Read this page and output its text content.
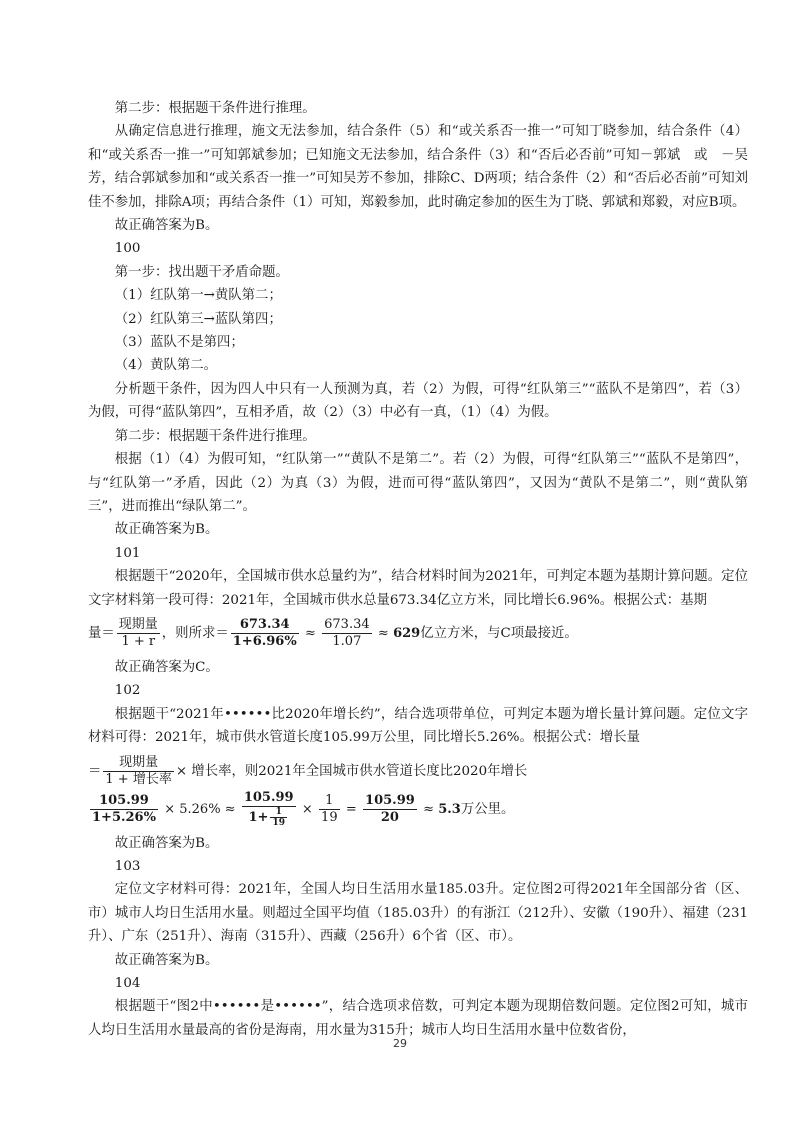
第二步：根据题干条件进行推理。

从确定信息进行推理，施文无法参加，结合条件（5）和“或关系否一推一”可知丁晓参加，结合条件（4）和“或关系否一推一”可知郭斌参加；已知施文无法参加，结合条件（3）和“否后必否前”可知－郭斌　或　－吴芳，结合郭斌参加和“或关系否一推一”可知吴芳不参加，排除C、D两项；结合条件（2）和“否后必否前”可知刘佳不参加，排除A项；再结合条件（1）可知，郑毅参加，此时确定参加的医生为丁晓、郭斌和郑毅，对应B项。

故正确答案为B。

100

第一步：找出题干矛盾命题。

（1）红队第一→黄队第二；

（2）红队第三→蓝队第四；

（3）蓝队不是第四；

（4）黄队第二。

分析题干条件，因为四人中只有一人预测为真，若（2）为假，可得“红队第三”“蓝队不是第四”，若（3）为假，可得“蓝队第四”，互相矛盾，故（2）（3）中必有一真，（1）（4）为假。

第二步：根据题干条件进行推理。

根据（1）（4）为假可知，“红队第一”“黄队不是第二”。若（2）为假，可得“红队第三”“蓝队不是第四”，与“红队第一”矛盾，因此（2）为真（3）为假，进而可得“蓝队第四”，又因为“黄队不是第二”，则“黄队第三”，进而推出“绿队第二”。

故正确答案为B。

101

根据题干“2020年，全国城市供水总量约为”，结合材料时间为2021年，可判定本题为基期计算问题。定位文字材料第一段可得：2021年，全国城市供水总量673.34亿立方米，同比增长6.96%。根据公式：基期

量＝ $\frac{\text{现期量}}{1 + r}$ ，则所求＝ $\frac{673.34}{1+6.96\%} \approx \frac{673.34}{1.07} \approx 629$亿立方米，与C项最接近。

故正确答案为C。

102

根据题干“2021年••••••比2020年增长约”，结合选项带单位，可判定本题为增长量计算问题。定位文字材料可得：2021年，城市供水管道长度105.99万公里，同比增长5.26%。根据公式：增长量

＝ $\frac{\text{现期量}}{\text{1 + 增长率}}$ × 增长率，则2021年全国城市供水管道长度比2020年增长

$\frac{105.99}{1+5.26\%} \times 5.26\% \approx \frac{105.99}{1+ \frac{1}{19}} \times \frac{1}{19} = \frac{105.99}{20} \approx 5.3$万公里。

故正确答案为B。

103

定位文字材料可得：2021年，全国人均日生活用水量185.03升。定位图2可得2021年全国部分省（区、市）城市人均日生活用水量。则超过全国平均值（185.03升）的有浙江（212升）、安徽（190升）、福建（231升）、广东（251升）、海南（315升）、西藏（256升）6个省（区、市）。

故正确答案为B。

104

根据题干“图2中••••••是••••••”，结合选项求倍数，可判定本题为现期倍数问题。定位图2可知，城市人均日生活用水量最高的省份是海南，用水量为315升；城市人均日生活用水量中位数省份，

29
